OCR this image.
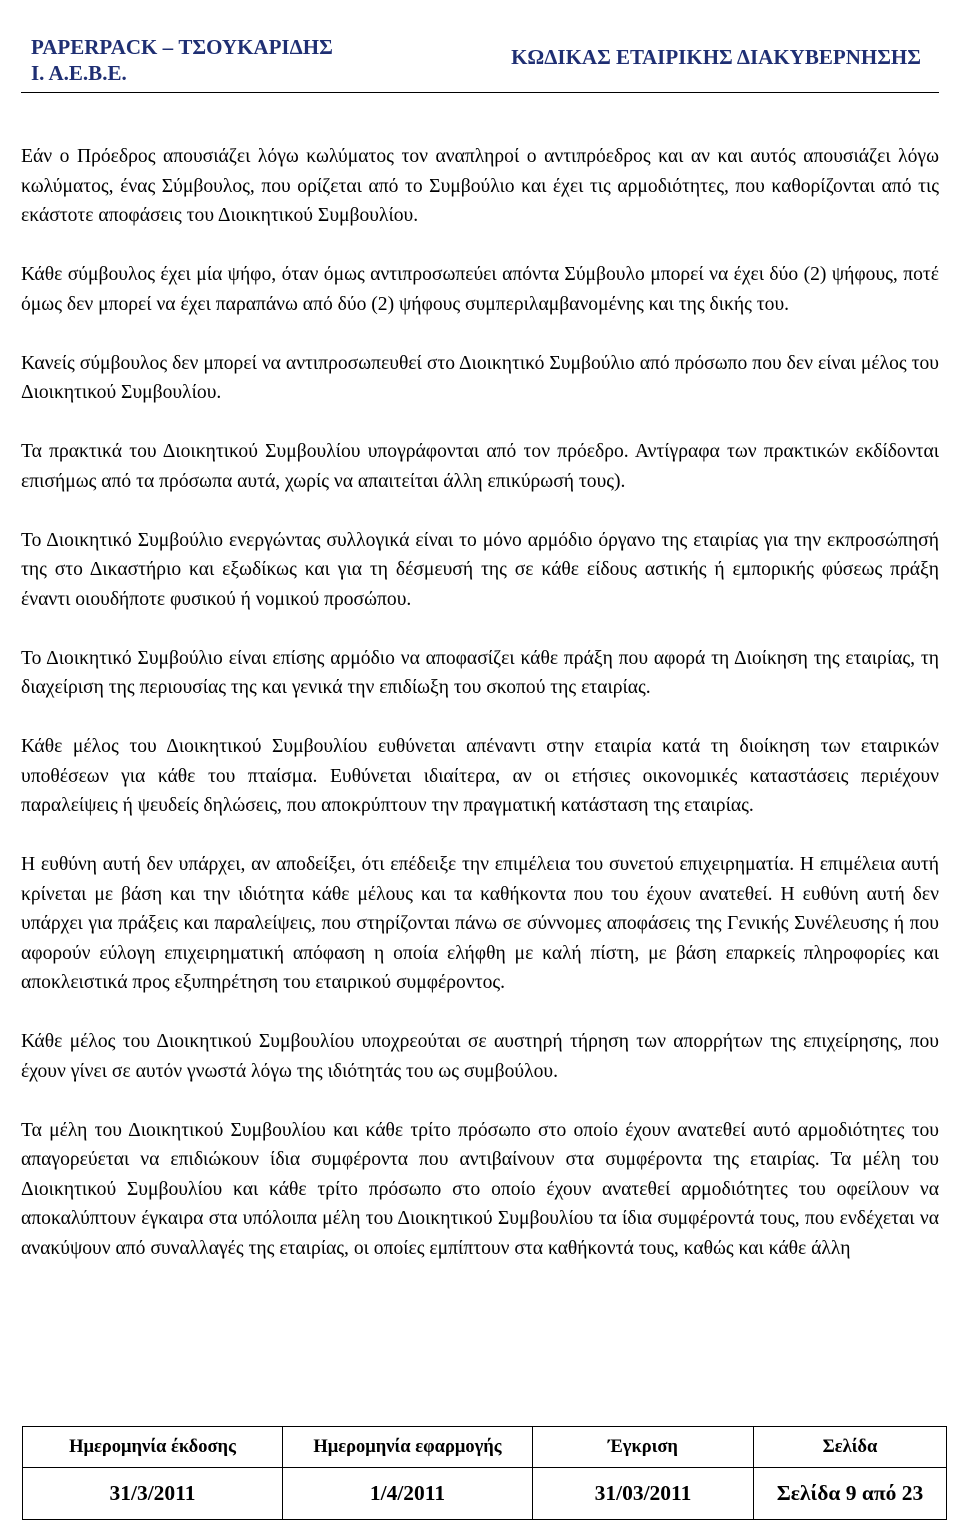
PAPERPACK – ΤΣΟΥΚΑΡΙΔΗΣ
Ι. Α.Ε.Β.Ε.
ΚΩΔΙΚΑΣ ΕΤΑΙΡΙΚΗΣ ΔΙΑΚΥΒΕΡΝΗΣΗΣ

Εάν ο Πρόεδρος απουσιάζει λόγω κωλύματος τον αναπληροί ο αντιπρόεδρος και αν και αυτός απουσιάζει λόγω κωλύματος, ένας Σύμβουλος, που ορίζεται από το Συμβούλιο και έχει τις αρμοδιότητες, που καθορίζονται από τις εκάστοτε αποφάσεις του Διοικητικού Συμβουλίου.

Κάθε σύμβουλος έχει μία ψήφο, όταν όμως αντιπροσωπεύει απόντα Σύμβουλο μπορεί να έχει δύο (2) ψήφους, ποτέ όμως δεν μπορεί να έχει παραπάνω από δύο (2) ψήφους συμπεριλαμβανομένης και της δικής του.

Κανείς σύμβουλος δεν μπορεί να αντιπροσωπευθεί στο Διοικητικό Συμβούλιο από πρόσωπο που δεν είναι μέλος του Διοικητικού Συμβουλίου.

Τα πρακτικά του Διοικητικού Συμβουλίου υπογράφονται από τον πρόεδρο. Αντίγραφα των πρακτικών εκδίδονται επισήμως από τα πρόσωπα αυτά, χωρίς να απαιτείται άλλη επικύρωσή τους).

Το Διοικητικό Συμβούλιο ενεργώντας συλλογικά είναι το μόνο αρμόδιο όργανο της εταιρίας για την εκπροσώπησή της στο Δικαστήριο και εξωδίκως και για τη δέσμευσή της σε κάθε είδους αστικής ή εμπορικής φύσεως πράξη έναντι οιουδήποτε φυσικού ή νομικού προσώπου.

Το Διοικητικό Συμβούλιο είναι επίσης αρμόδιο να αποφασίζει κάθε πράξη που αφορά τη Διοίκηση της εταιρίας, τη διαχείριση της περιουσίας της και γενικά την επιδίωξη του σκοπού της εταιρίας.

Κάθε μέλος του Διοικητικού Συμβουλίου ευθύνεται απέναντι στην εταιρία κατά τη διοίκηση των εταιρικών υποθέσεων για κάθε του πταίσμα. Ευθύνεται ιδιαίτερα, αν οι ετήσιες οικονομικές καταστάσεις περιέχουν παραλείψεις ή ψευδείς δηλώσεις, που αποκρύπτουν την πραγματική κατάσταση της εταιρίας.

Η ευθύνη αυτή δεν υπάρχει, αν αποδείξει, ότι επέδειξε την επιμέλεια του συνετού επιχειρηματία. Η επιμέλεια αυτή κρίνεται με βάση και την ιδιότητα κάθε μέλους και τα καθήκοντα που του έχουν ανατεθεί. Η ευθύνη αυτή δεν υπάρχει για πράξεις και παραλείψεις, που στηρίζονται πάνω σε σύννομες αποφάσεις της Γενικής Συνέλευσης ή που αφορούν εύλογη επιχειρηματική απόφαση η οποία ελήφθη με καλή πίστη, με βάση επαρκείς πληροφορίες και αποκλειστικά προς εξυπηρέτηση του εταιρικού συμφέροντος.

Κάθε μέλος του Διοικητικού Συμβουλίου υποχρεούται σε αυστηρή τήρηση των απορρήτων της επιχείρησης, που έχουν γίνει σε αυτόν γνωστά λόγω της ιδιότητάς του ως συμβούλου.

Τα μέλη του Διοικητικού Συμβουλίου και κάθε τρίτο πρόσωπο στο οποίο έχουν ανατεθεί αυτό αρμοδιότητες του απαγορεύεται να επιδιώκουν ίδια συμφέροντα που αντιβαίνουν στα συμφέροντα της εταιρίας. Τα μέλη του Διοικητικού Συμβουλίου και κάθε τρίτο πρόσωπο στο οποίο έχουν ανατεθεί αρμοδιότητες του οφείλουν να αποκαλύπτουν έγκαιρα στα υπόλοιπα μέλη του Διοικητικού Συμβουλίου τα ίδια συμφέροντά τους, που ενδέχεται να ανακύψουν από συναλλαγές της εταιρίας, οι οποίες εμπίπτουν στα καθήκοντά τους, καθώς και κάθε άλλη

Ημερομηνία έκδοσης	Ημερομηνία εφαρμογής	Έγκριση	Σελίδα
31/3/2011	1/4/2011	31/03/2011	Σελίδα 9 από 23
